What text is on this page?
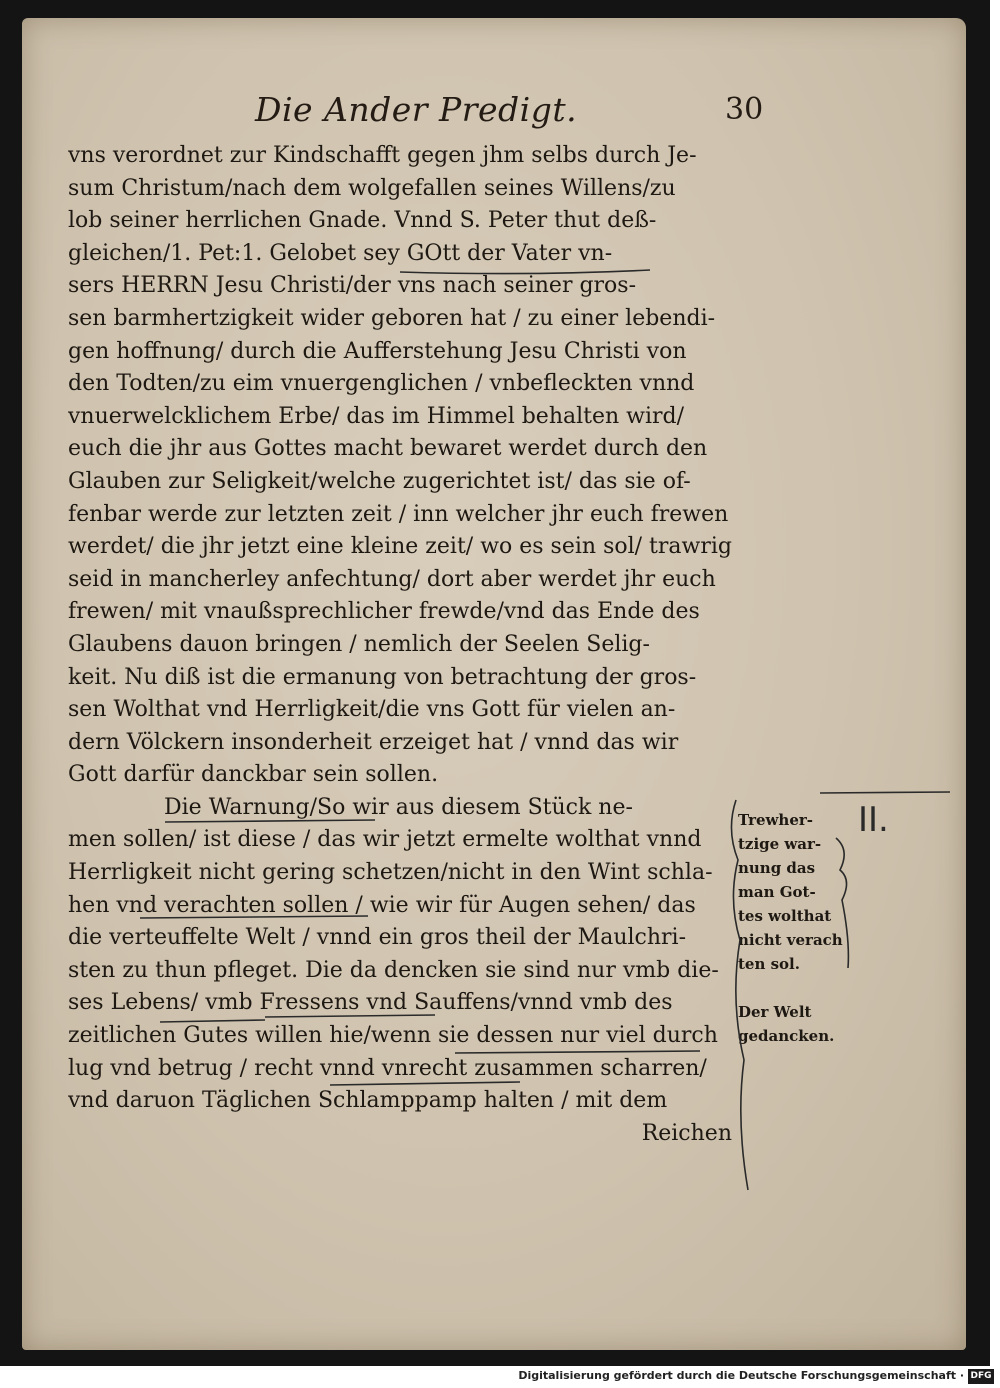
Die Ander Predigt.	30
vns verordnet zur Kindschafft gegen jhm selbs durch Je-
sum Christum/nach dem wolgefallen seines Willens/zu
lob seiner herrlichen Gnade. Vnnd S. Peter thut deß-
gleichen/1. Pet:1. Gelobet sey GOtt der Vater vn-
sers HERRN Jesu Christi/der vns nach seiner gros-
sen barmhertzigkeit wider geboren hat / zu einer lebendi-
gen hoffnung/ durch die Aufferstehung Jesu Christi von
den Todten/zu eim vnuergenglichen / vnbefleckten vnnd
vnuerwelcklichem Erbe/ das im Himmel behalten wird/
euch die jhr aus Gottes macht bewaret werdet durch den
Glauben zur Seligkeit/welche zugerichtet ist/ das sie of-
fenbar werde zur letzten zeit / inn welcher jhr euch frewen
werdet/ die jhr jetzt eine kleine zeit/ wo es sein sol/ trawrig
seid in mancherley anfechtung/ dort aber werdet jhr euch
frewen/ mit vnaußsprechlicher frewde/vnd das Ende des
Glaubens dauon bringen / nemlich der Seelen Selig-
keit. Nu diß ist die ermanung von betrachtung der gros-
sen Wolthat vnd Herrligkeit/die vns Gott für vielen an-
dern Völckern insonderheit erzeiget hat / vnnd das wir
Gott darfür danckbar sein sollen.
Die Warnung/So wir aus diesem Stück ne-
men sollen/ ist diese / das wir jetzt ermelte wolthat vnnd
Herrligkeit nicht gering schetzen/nicht in den Wint schla-
hen vnd verachten sollen / wie wir für Augen sehen/ das
die verteuffelte Welt / vnnd ein gros theil der Maulchri-
sten zu thun pfleget. Die da dencken sie sind nur vmb die-
ses Lebens/ vmb Fressens vnd Sauffens/vnnd vmb des
zeitlichen Gutes willen hie/wenn sie dessen nur viel durch
lug vnd betrug / recht vnnd vnrecht zusammen scharren/
vnd daruon Täglichen Schlamppamp halten / mit dem
Reichen
Trewher-
tzige war-
nung das
man Got-
tes wolthat
nicht verach
ten sol.
Der Welt
gedancken.
II.
Digitalisierung gefördert durch die Deutsche Forschungsgemeinschaft · DFG
